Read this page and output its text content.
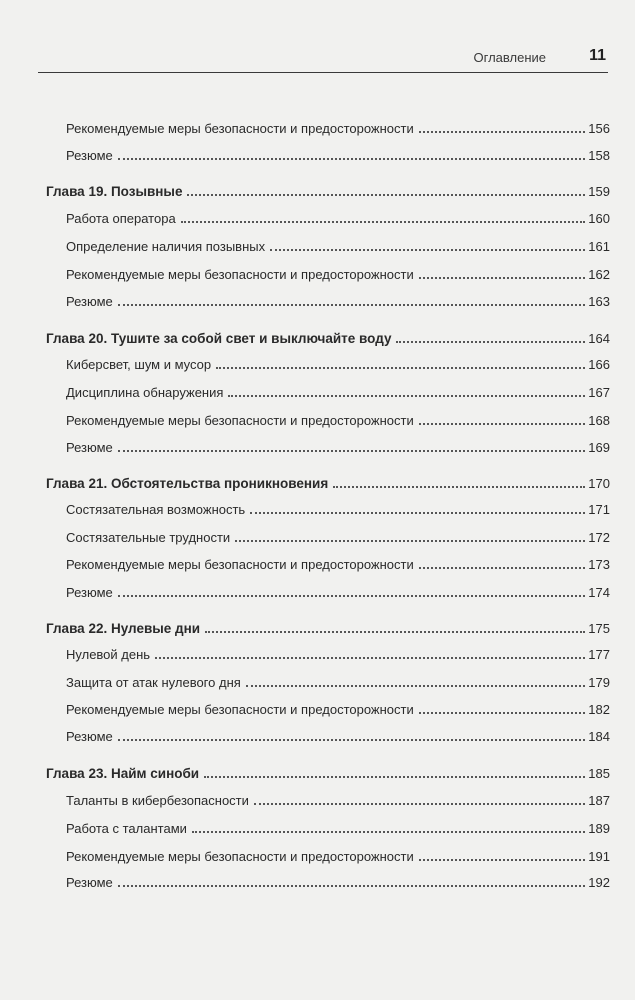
Оглавление	11
Рекомендуемые меры безопасности и предосторожности	156
Резюме	158
Глава 19. Позывные	159
Работа оператора	160
Определение наличия позывных	161
Рекомендуемые меры безопасности и предосторожности	162
Резюме	163
Глава 20. Тушите за собой свет и выключайте воду	164
Киберсвет, шум и мусор	166
Дисциплина обнаружения	167
Рекомендуемые меры безопасности и предосторожности	168
Резюме	169
Глава 21. Обстоятельства проникновения	170
Состязательная возможность	171
Состязательные трудности	172
Рекомендуемые меры безопасности и предосторожности	173
Резюме	174
Глава 22. Нулевые дни	175
Нулевой день	177
Защита от атак нулевого дня	179
Рекомендуемые меры безопасности и предосторожности	182
Резюме	184
Глава 23. Найм синоби	185
Таланты в кибербезопасности	187
Работа с талантами	189
Рекомендуемые меры безопасности и предосторожности	191
Резюме	192
